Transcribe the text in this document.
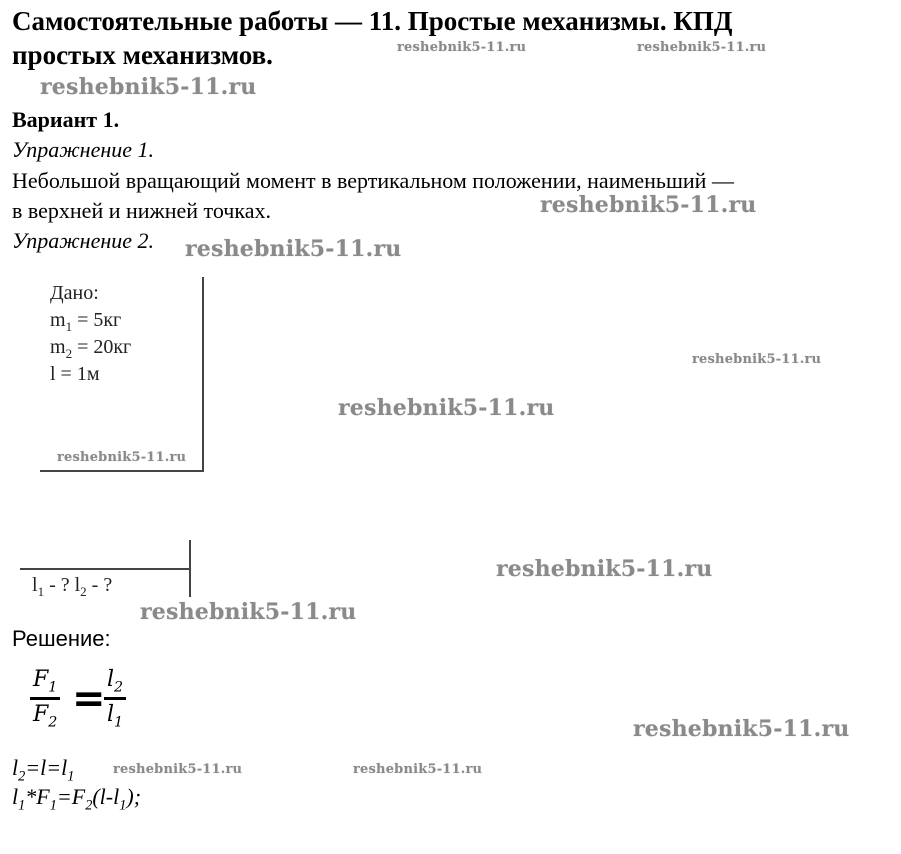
Самостоятельные работы — 11. Простые механизмы. КПД
простых механизмов.	reshebnik5-11.ru	reshebnik5-11.ru
reshebnik5-11.ru
Вариант 1.
Упражнение 1.
Небольшой вращающий момент в вертикальном положении, наименьший —
в верхней и нижней точках.	reshebnik5-11.ru
Упражнение 2. reshebnik5-11.ru
Дано:
$m_1 = 5кг$
$m_2 = 20кг$
l = 1м
reshebnik5-11.ru
reshebnik5-11.ru
reshebnik5-11.ru
$l_1$ - ? $l_2$ - ?
reshebnik5-11.ru
reshebnik5-11.ru
Решение:
$\frac{F_1}{F_2}$ =
$\frac{l_2}{l_1}$	reshebnik5-11.ru
$l_2=l=l_1$	reshebnik5-11.ru	reshebnik5-11.ru
$l_1*F_1=F_2(l-l_1)$;
